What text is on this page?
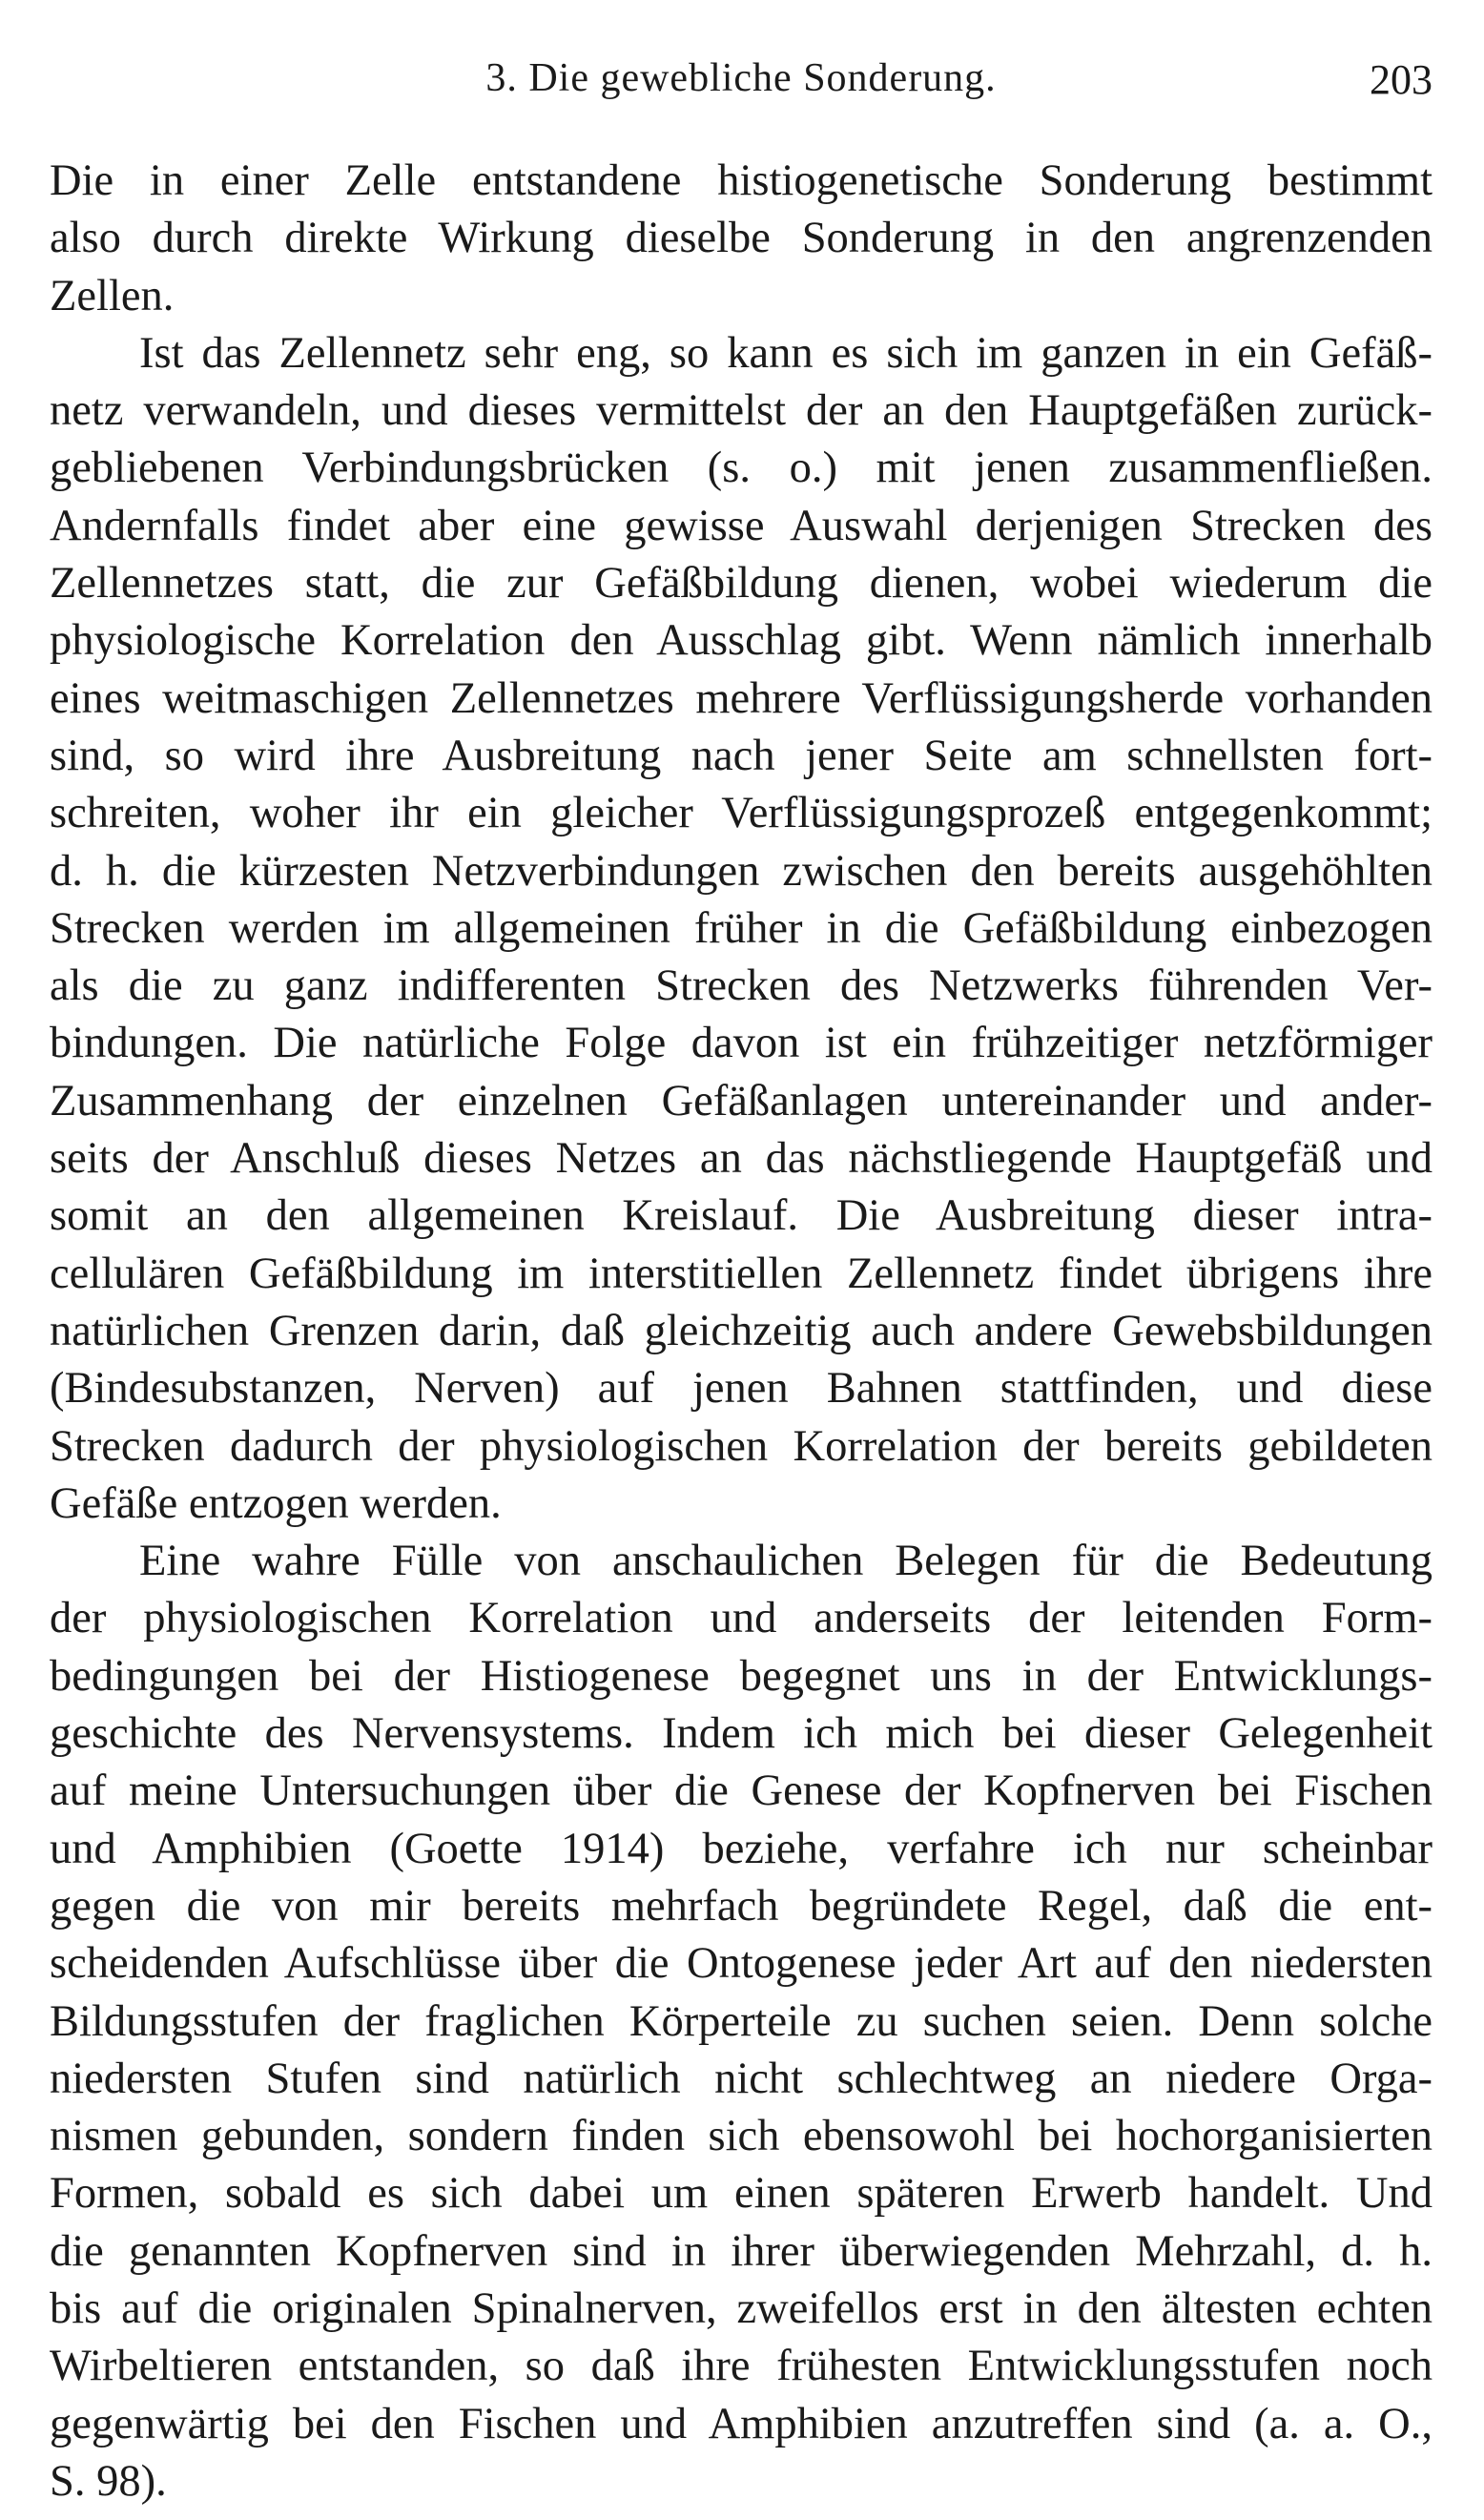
3. Die gewebliche Sonderung.	203
Die in einer Zelle entstandene histiogenetische Sonderung bestimmt
also durch direkte Wirkung dieselbe Sonderung in den angrenzenden
Zellen.
Ist das Zellennetz sehr eng, so kann es sich im ganzen in ein Gefäß-
netz verwandeln, und dieses vermittelst der an den Hauptgefäßen zurück-
gebliebenen Verbindungsbrücken (s. o.) mit jenen zusammenfließen.
Andernfalls findet aber eine gewisse Auswahl derjenigen Strecken des
Zellennetzes statt, die zur Gefäßbildung dienen, wobei wiederum die
physiologische Korrelation den Ausschlag gibt. Wenn nämlich innerhalb
eines weitmaschigen Zellennetzes mehrere Verflüssigungsherde vorhanden
sind, so wird ihre Ausbreitung nach jener Seite am schnellsten fort-
schreiten, woher ihr ein gleicher Verflüssigungsprozeß entgegenkommt;
d. h. die kürzesten Netzverbindungen zwischen den bereits ausgehöhlten
Strecken werden im allgemeinen früher in die Gefäßbildung einbezogen
als die zu ganz indifferenten Strecken des Netzwerks führenden Ver-
bindungen. Die natürliche Folge davon ist ein frühzeitiger netzförmiger
Zusammenhang der einzelnen Gefäßanlagen untereinander und ander-
seits der Anschluß dieses Netzes an das nächstliegende Hauptgefäß und
somit an den allgemeinen Kreislauf. Die Ausbreitung dieser intra-
cellulären Gefäßbildung im interstitiellen Zellennetz findet übrigens ihre
natürlichen Grenzen darin, daß gleichzeitig auch andere Gewebsbildungen
(Bindesubstanzen, Nerven) auf jenen Bahnen stattfinden, und diese
Strecken dadurch der physiologischen Korrelation der bereits gebildeten
Gefäße entzogen werden.
Eine wahre Fülle von anschaulichen Belegen für die Bedeutung
der physiologischen Korrelation und anderseits der leitenden Form-
bedingungen bei der Histiogenese begegnet uns in der Entwicklungs-
geschichte des Nervensystems. Indem ich mich bei dieser Gelegenheit
auf meine Untersuchungen über die Genese der Kopfnerven bei Fischen
und Amphibien (Goette 1914) beziehe, verfahre ich nur scheinbar
gegen die von mir bereits mehrfach begründete Regel, daß die ent-
scheidenden Aufschlüsse über die Ontogenese jeder Art auf den niedersten
Bildungsstufen der fraglichen Körperteile zu suchen seien. Denn solche
niedersten Stufen sind natürlich nicht schlechtweg an niedere Orga-
nismen gebunden, sondern finden sich ebensowohl bei hochorganisierten
Formen, sobald es sich dabei um einen späteren Erwerb handelt. Und
die genannten Kopfnerven sind in ihrer überwiegenden Mehrzahl, d. h.
bis auf die originalen Spinalnerven, zweifellos erst in den ältesten echten
Wirbeltieren entstanden, so daß ihre frühesten Entwicklungsstufen noch
gegenwärtig bei den Fischen und Amphibien anzutreffen sind (a. a. O.,
S. 98).
